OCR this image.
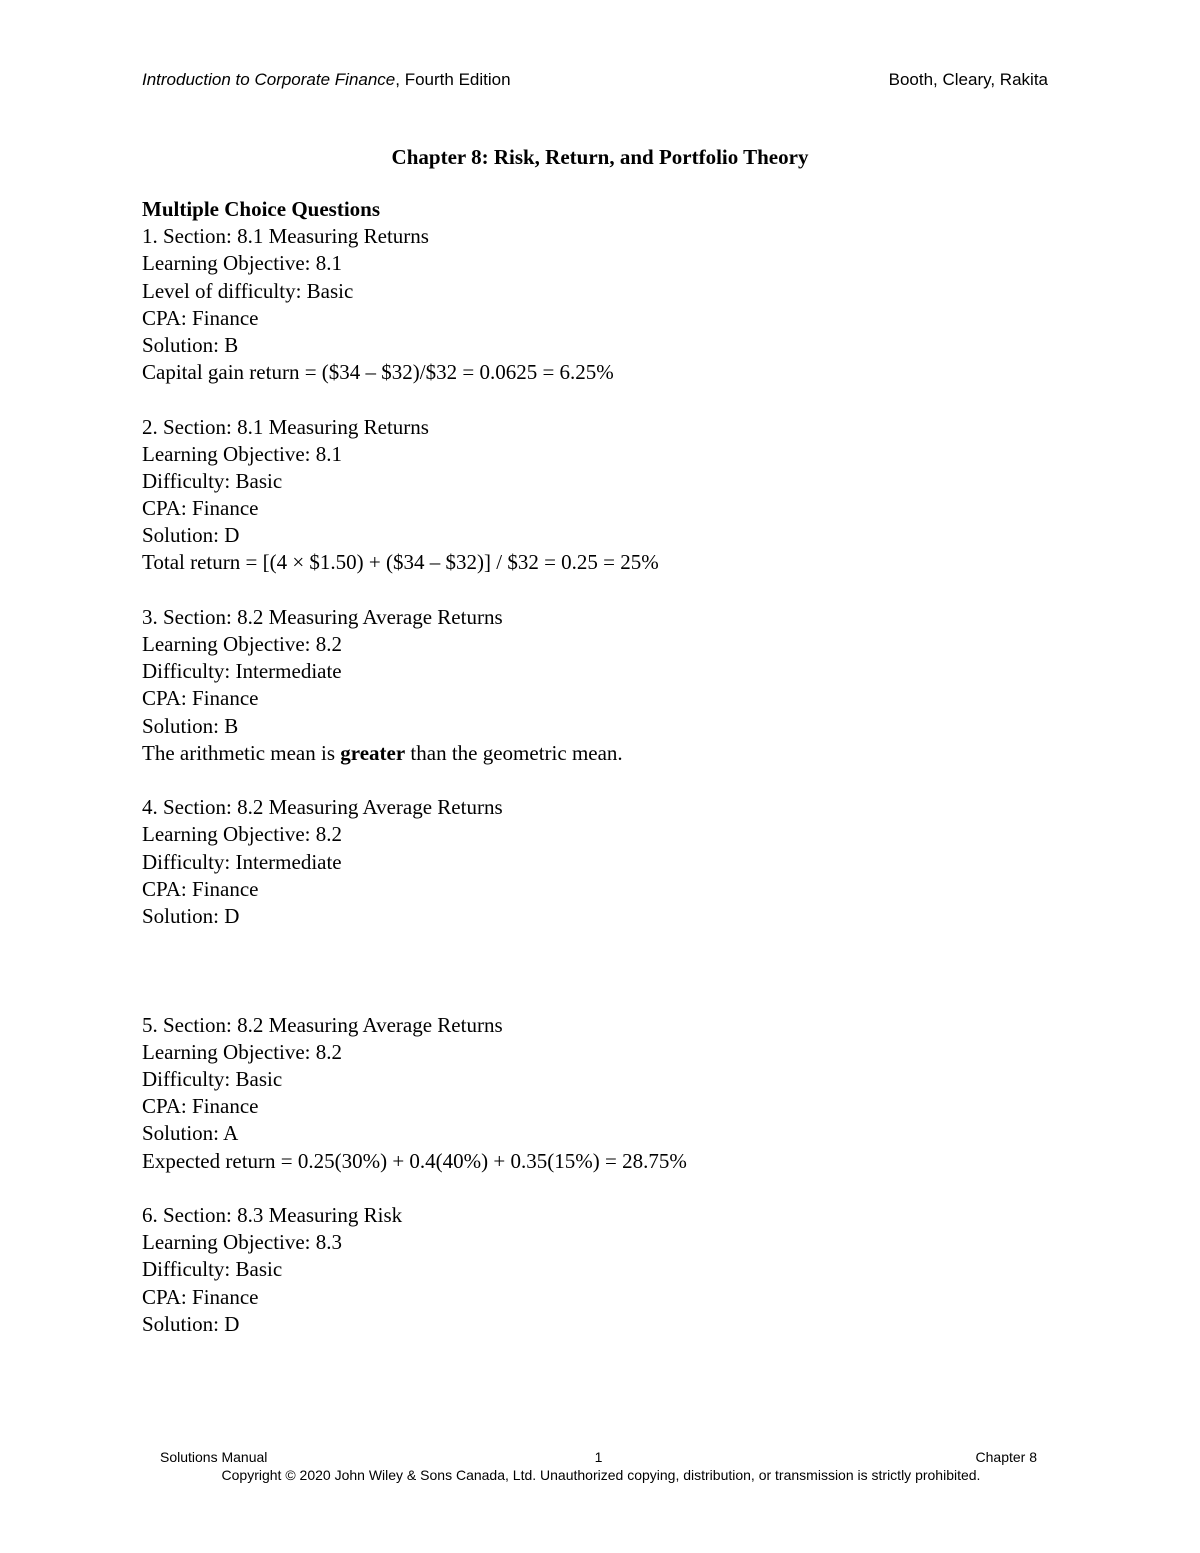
Introduction to Corporate Finance, Fourth Edition	Booth, Cleary, Rakita
Chapter 8: Risk, Return, and Portfolio Theory
Multiple Choice Questions
1. Section: 8.1 Measuring Returns
Learning Objective: 8.1
Level of difficulty: Basic
CPA: Finance
Solution: B
Capital gain return = ($34 – $32)/$32 = 0.0625 = 6.25%
2. Section: 8.1 Measuring Returns
Learning Objective: 8.1
Difficulty: Basic
CPA: Finance
Solution: D
Total return = [(4 × $1.50) + ($34 – $32)] / $32 = 0.25 = 25%
3. Section: 8.2 Measuring Average Returns
Learning Objective: 8.2
Difficulty: Intermediate
CPA: Finance
Solution: B
The arithmetic mean is greater than the geometric mean.
4. Section: 8.2 Measuring Average Returns
Learning Objective: 8.2
Difficulty: Intermediate
CPA: Finance
Solution: D
5. Section: 8.2 Measuring Average Returns
Learning Objective: 8.2
Difficulty: Basic
CPA: Finance
Solution: A
Expected return = 0.25(30%) + 0.4(40%) + 0.35(15%) = 28.75%
6. Section: 8.3 Measuring Risk
Learning Objective: 8.3
Difficulty: Basic
CPA: Finance
Solution: D
Solutions Manual	1	Chapter 8
Copyright © 2020 John Wiley & Sons Canada, Ltd. Unauthorized copying, distribution, or transmission is strictly prohibited.
